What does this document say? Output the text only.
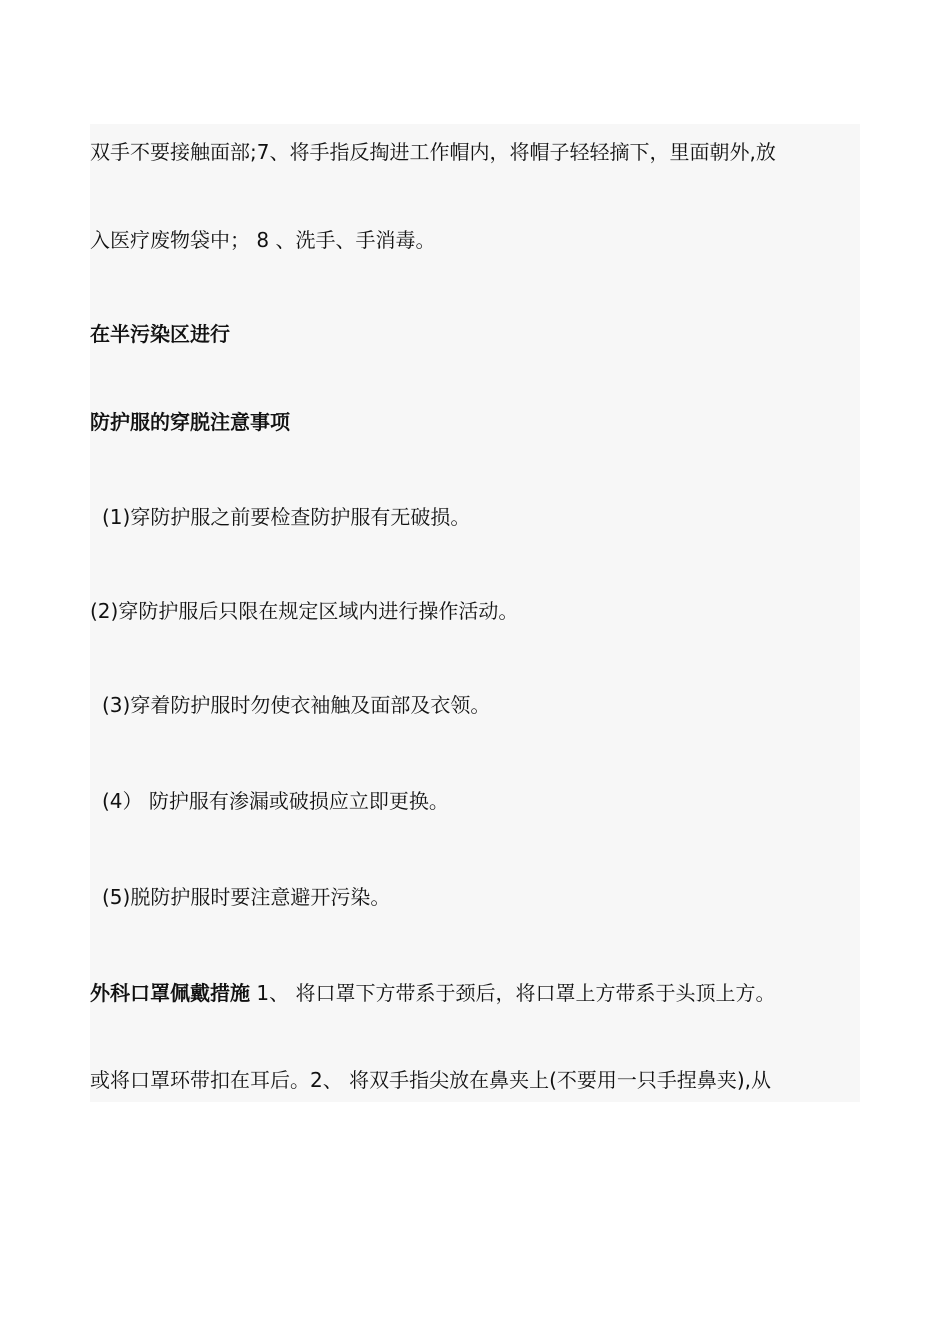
双手不要接触面部;7、将手指反掏进工作帽内，将帽子轻轻摘下，里面朝外,放
入医疗废物袋中； 8 、洗手、手消毒。
在半污染区进行
防护服的穿脱注意事项
(1)穿防护服之前要检查防护服有无破损。
(2)穿防护服后只限在规定区域内进行操作活动。
(3)穿着防护服时勿使衣袖触及面部及衣领。
(4） 防护服有渗漏或破损应立即更换。
(5)脱防护服时要注意避开污染。
外科口罩佩戴措施 1、 将口罩下方带系于颈后，将口罩上方带系于头顶上方。
或将口罩环带扣在耳后。2、 将双手指尖放在鼻夹上(不要用一只手捏鼻夹),从
